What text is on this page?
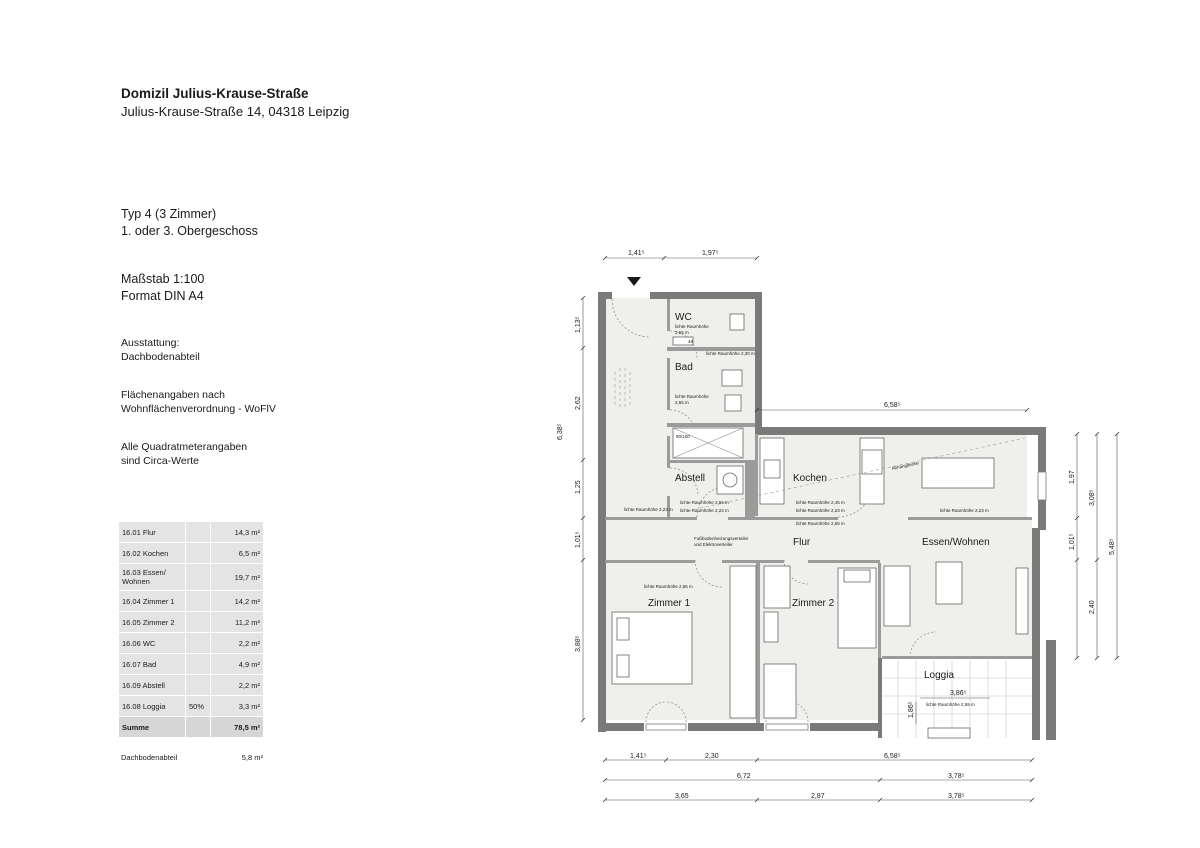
Domizil Julius-Krause-Straße
Julius-Krause-Straße 14, 04318 Leipzig
Typ 4 (3 Zimmer)
1. oder 3. Obergeschoss
Maßstab 1:100
Format DIN A4
Ausstattung:
Dachbodenabteil
Flächenangaben nach
Wohnflächenverordnung - WoFlV
Alle Quadratmeterangaben
sind Circa-Werte
16.01 Flur		14,3 m²
16.02 Kochen		6,5 m²
16.03 Essen/ Wohnen		19,7 m²
16.04 Zimmer 1		14,2 m²
16.05 Zimmer 2		11,2 m²
16.06 WC		2,2 m²
16.07 Bad		4,9 m²
16.09 Abstell		2,2 m²
16.08 Loggia	50%	3,3 m²
Summe		78,5 m²
Dachbodenabteil	5,8 m²
WC
Bad
Abstell	Kochen
Flur	Essen/Wohnen
Zimmer 1	Zimmer 2
Loggia
lichte Raumhöhe
2,55 m
lichte Raumhöhe 2,30 m
lichte Raumhöhe
2,55 m
lichte Raumhöhe 2,55 m
lichte Raumhöhe 2,23 m
lichte Raumhöhe 2,23 m
lichte Raumhöhe 2,45 m
lichte Raumhöhe 2,23 m
lichte Raumhöhe 2,55 m
lichte Raumhöhe 2,23 m
lichte Raumhöhe 2,55 m
lichte Raumhöhe 2,55 m
Fußbodenheizungsverteiler
und Elektroverteiler
90/100
48
Abhangdecke
1,41⁵	1,97⁵
6,58⁵
1,13⁵
2,62
1,25
1,01⁵
3,88⁵
6,38⁵
1,97
1,01⁵
2,40
3,08⁵
5,48⁵
3,86⁵
1,86⁵
1,41⁵	2,30	6,58⁵
6,72	3,78⁵
3,65	2,87	3,78⁵
